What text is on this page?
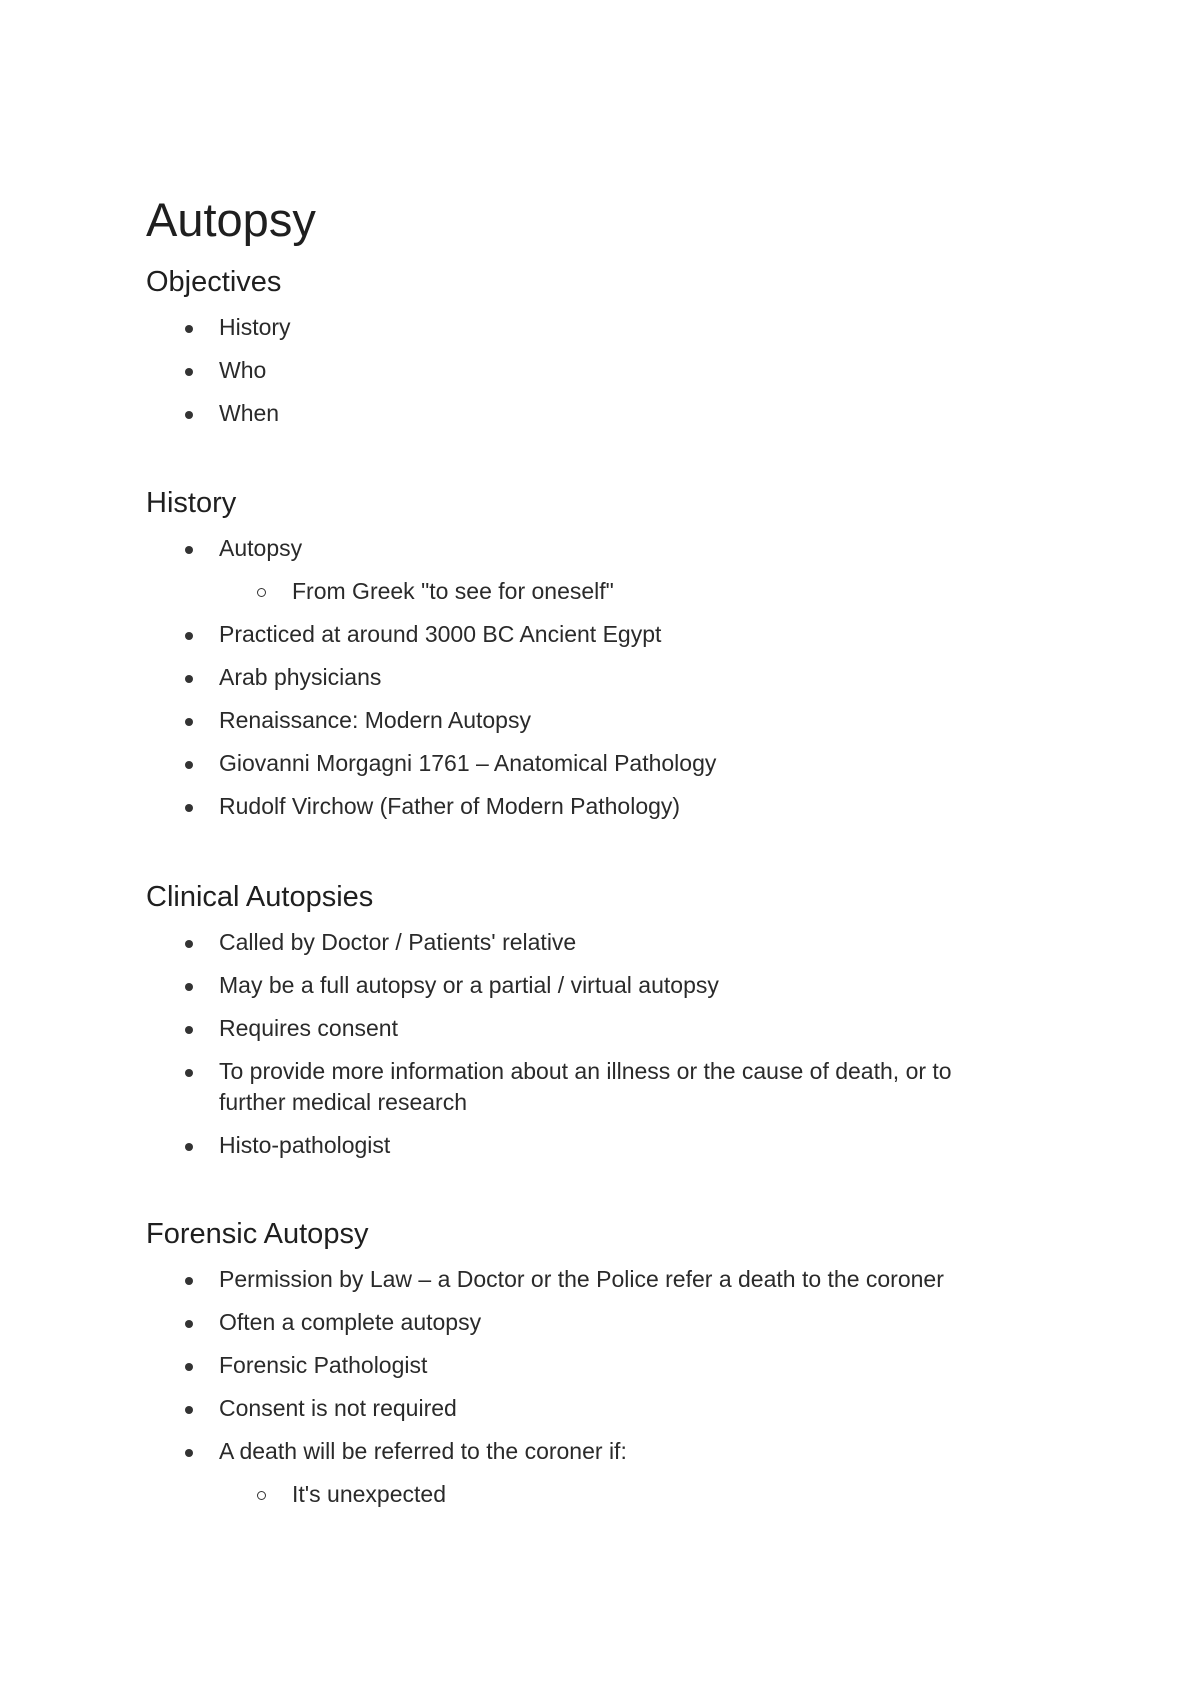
Autopsy
Objectives
History
Who
When
History
Autopsy
From Greek "to see for oneself"
Practiced at around 3000 BC Ancient Egypt
Arab physicians
Renaissance: Modern Autopsy
Giovanni Morgagni 1761 – Anatomical Pathology
Rudolf Virchow (Father of Modern Pathology)
Clinical Autopsies
Called by Doctor / Patients' relative
May be a full autopsy or a partial / virtual autopsy
Requires consent
To provide more information about an illness or the cause of death, or to further medical research
Histo-pathologist
Forensic Autopsy
Permission by Law – a Doctor or the Police refer a death to the coroner
Often a complete autopsy
Forensic Pathologist
Consent is not required
A death will be referred to the coroner if:
It's unexpected
